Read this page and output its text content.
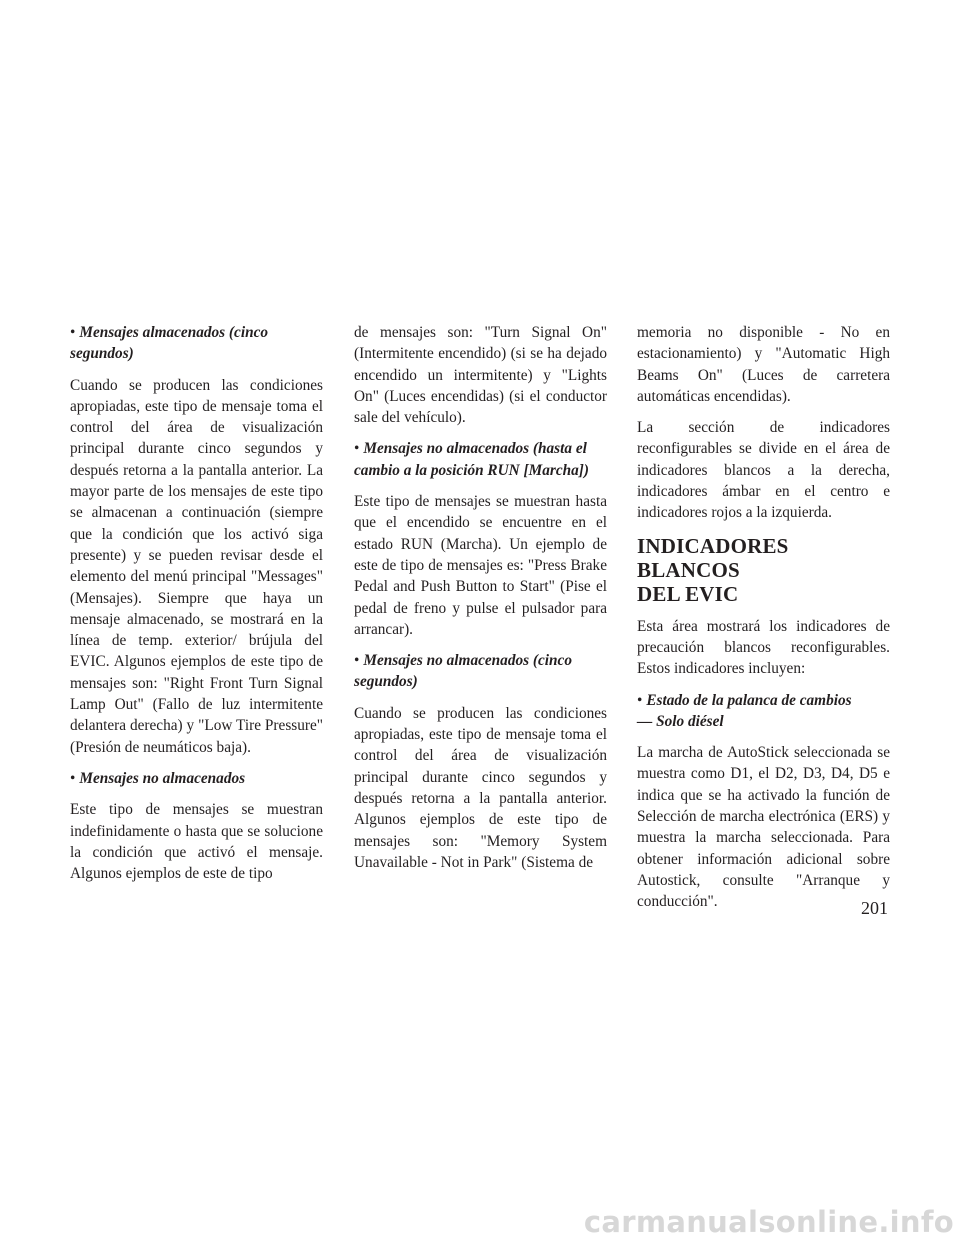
• Mensajes almacenados (cinco segundos)

Cuando se producen las condiciones apropiadas, este tipo de mensaje toma el control del área de visualización principal durante cinco segundos y después retorna a la pantalla anterior. La mayor parte de los mensajes de este tipo se almacenan a continuación (siempre que la condición que los activó siga presente) y se pueden revisar desde el elemento del menú principal "Messages" (Mensajes). Siempre que haya un mensaje almacenado, se mostrará en la línea de temp. exterior/ brújula del EVIC. Algunos ejemplos de este tipo de mensajes son: "Right Front Turn Signal Lamp Out" (Fallo de luz intermitente delantera derecha) y "Low Tire Pressure" (Presión de neumáticos baja).

• Mensajes no almacenados

Este tipo de mensajes se muestran indefinidamente o hasta que se solucione la condición que activó el mensaje. Algunos ejemplos de este de tipo

de mensajes son: "Turn Signal On" (Intermitente encendido) (si se ha dejado encendido un intermitente) y "Lights On" (Luces encendidas) (si el conductor sale del vehículo).

• Mensajes no almacenados (hasta el cambio a la posición RUN [Marcha])

Este tipo de mensajes se muestran hasta que el encendido se encuentre en el estado RUN (Marcha). Un ejemplo de este de tipo de mensajes es: "Press Brake Pedal and Push Button to Start" (Pise el pedal de freno y pulse el pulsador para arrancar).

• Mensajes no almacenados (cinco segundos)

Cuando se producen las condiciones apropiadas, este tipo de mensaje toma el control del área de visualización principal durante cinco segundos y después retorna a la pantalla anterior. Algunos ejemplos de este tipo de mensajes son: "Memory System Unavailable - Not in Park" (Sistema de

memoria no disponible - No en estacionamiento) y "Automatic High Beams On" (Luces de carretera automáticas encendidas).

La sección de indicadores reconfigurables se divide en el área de indicadores blancos a la derecha, indicadores ámbar en el centro e indicadores rojos a la izquierda.

INDICADORES BLANCOS
DEL EVIC

Esta área mostrará los indicadores de precaución blancos reconfigurables. Estos indicadores incluyen:

• Estado de la palanca de cambios
— Solo diésel

La marcha de AutoStick seleccionada se muestra como D1, el D2, D3, D4, D5 e indica que se ha activado la función de Selección de marcha electrónica (ERS) y muestra la marcha seleccionada. Para obtener información adicional sobre Autostick, consulte "Arranque y conducción".	201
carmanualsonline.info
